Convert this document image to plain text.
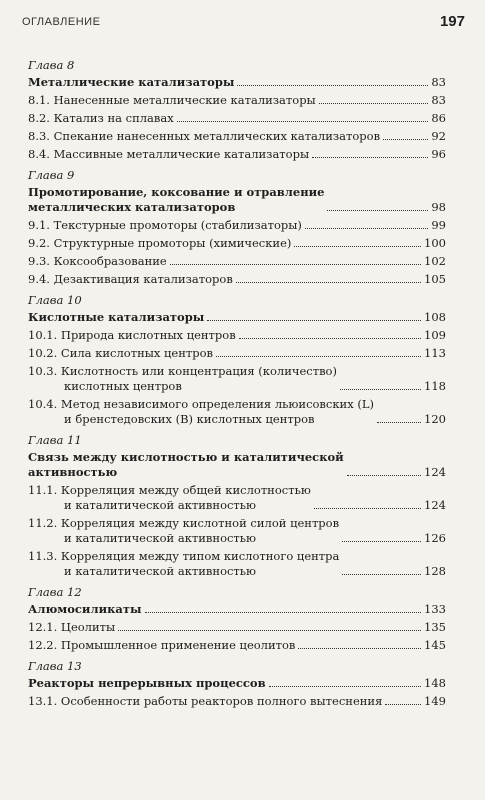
ОГЛАВЛЕНИЕ	197
Глава 8
Металлические катализаторы	83
8.1. Нанесенные металлические катализаторы	83
8.2. Катализ на сплавах	86
8.3. Спекание нанесенных металлических катализаторов	92
8.4. Массивные металлические катализаторы	96
Глава 9
Промотирование, коксование и отравление
металлических катализаторов	98
9.1. Текстурные промоторы (стабилизаторы)	99
9.2. Структурные промоторы (химические)	100
9.3. Коксообразование	102
9.4. Дезактивация катализаторов	105
Глава 10
Кислотные катализаторы	108
10.1. Природа кислотных центров	109
10.2. Сила кислотных центров	113
10.3. Кислотность или концентрация (количество)
кислотных центров	118
10.4. Метод независимого определения льюисовских (L)
и бренстедовских (B) кислотных центров	120
Глава 11
Связь между кислотностью и каталитической
активностью	124
11.1. Корреляция между общей кислотностью
и каталитической активностью	124
11.2. Корреляция между кислотной силой центров
и каталитической активностью	126
11.3. Корреляция между типом кислотного центра
и каталитической активностью	128
Глава 12
Алюмосиликаты	133
12.1. Цеолиты	135
12.2. Промышленное применение цеолитов	145
Глава 13
Реакторы непрерывных процессов	148
13.1. Особенности работы реакторов полного вытеснения	149
